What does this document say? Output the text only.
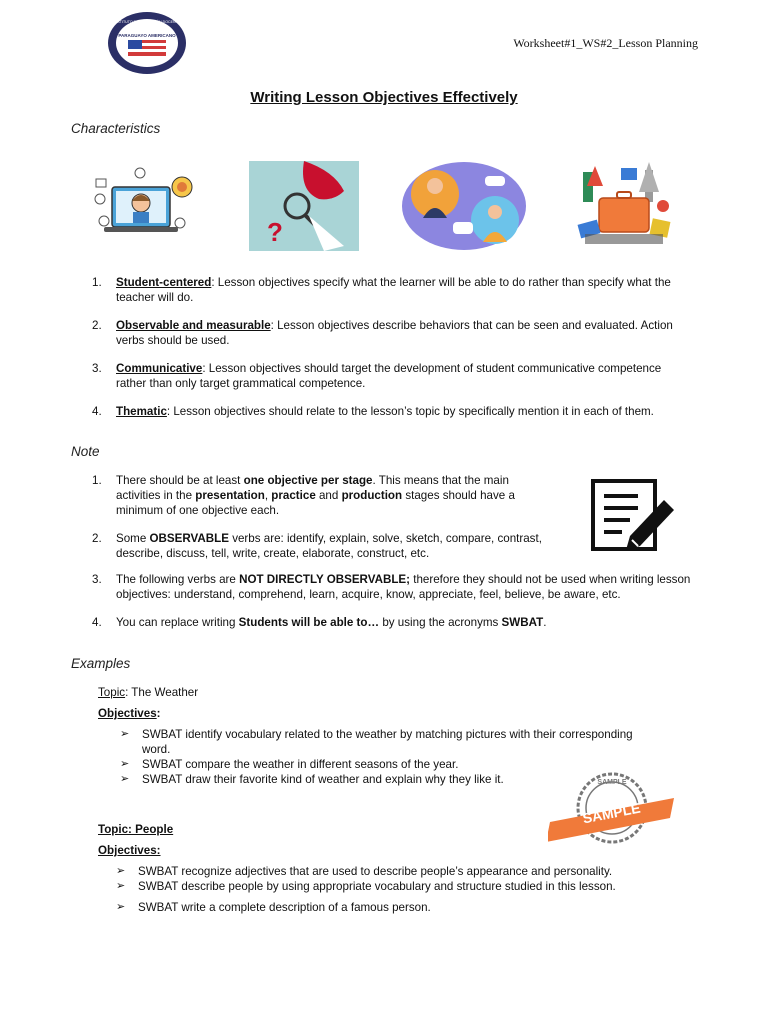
PARAGUAYO AMERICANO
INSTITUTO DE FORMACIÓN DOCENTE
Worksheet#1_WS#2_Lesson Planning
Writing Lesson Objectives Effectively
Characteristics
?
1. Student-centered: Lesson objectives specify what the learner will be able to do rather than specify what the teacher will do.
2. Observable and measurable: Lesson objectives describe behaviors that can be seen and evaluated. Action verbs should be used.
3. Communicative: Lesson objectives should target the development of student communicative competence rather than only target grammatical competence.
4. Thematic: Lesson objectives should relate to the lesson’s topic by specifically mention it in each of them.
Note
1. There should be at least one objective per stage. This means that the main activities in the presentation, practice and production stages should have a minimum of one objective each.
2. Some OBSERVABLE verbs are: identify, explain, solve, sketch, compare, contrast, describe, discuss, tell, write, create, elaborate, construct, etc.
3. The following verbs are NOT DIRECTLY OBSERVABLE; therefore they should not be used when writing lesson objectives: understand, comprehend, learn, acquire, know, appreciate, feel, believe, be aware, etc.
4. You can replace writing Students will be able to… by using the acronyms SWBAT.
Examples
Topic: The Weather
Objectives:
➢ SWBAT identify vocabulary related to the weather by matching pictures with their corresponding word.
➢ SWBAT compare the weather in different seasons of the year.
➢ SWBAT draw their favorite kind of weather and explain why they like it.
SAMPLE
SAMPLE
Topic: People
Objectives:
➢ SWBAT recognize adjectives that are used to describe people’s appearance and personality.
➢ SWBAT describe people by using appropriate vocabulary and structure studied in this lesson.
➢ SWBAT write a complete description of a famous person.
